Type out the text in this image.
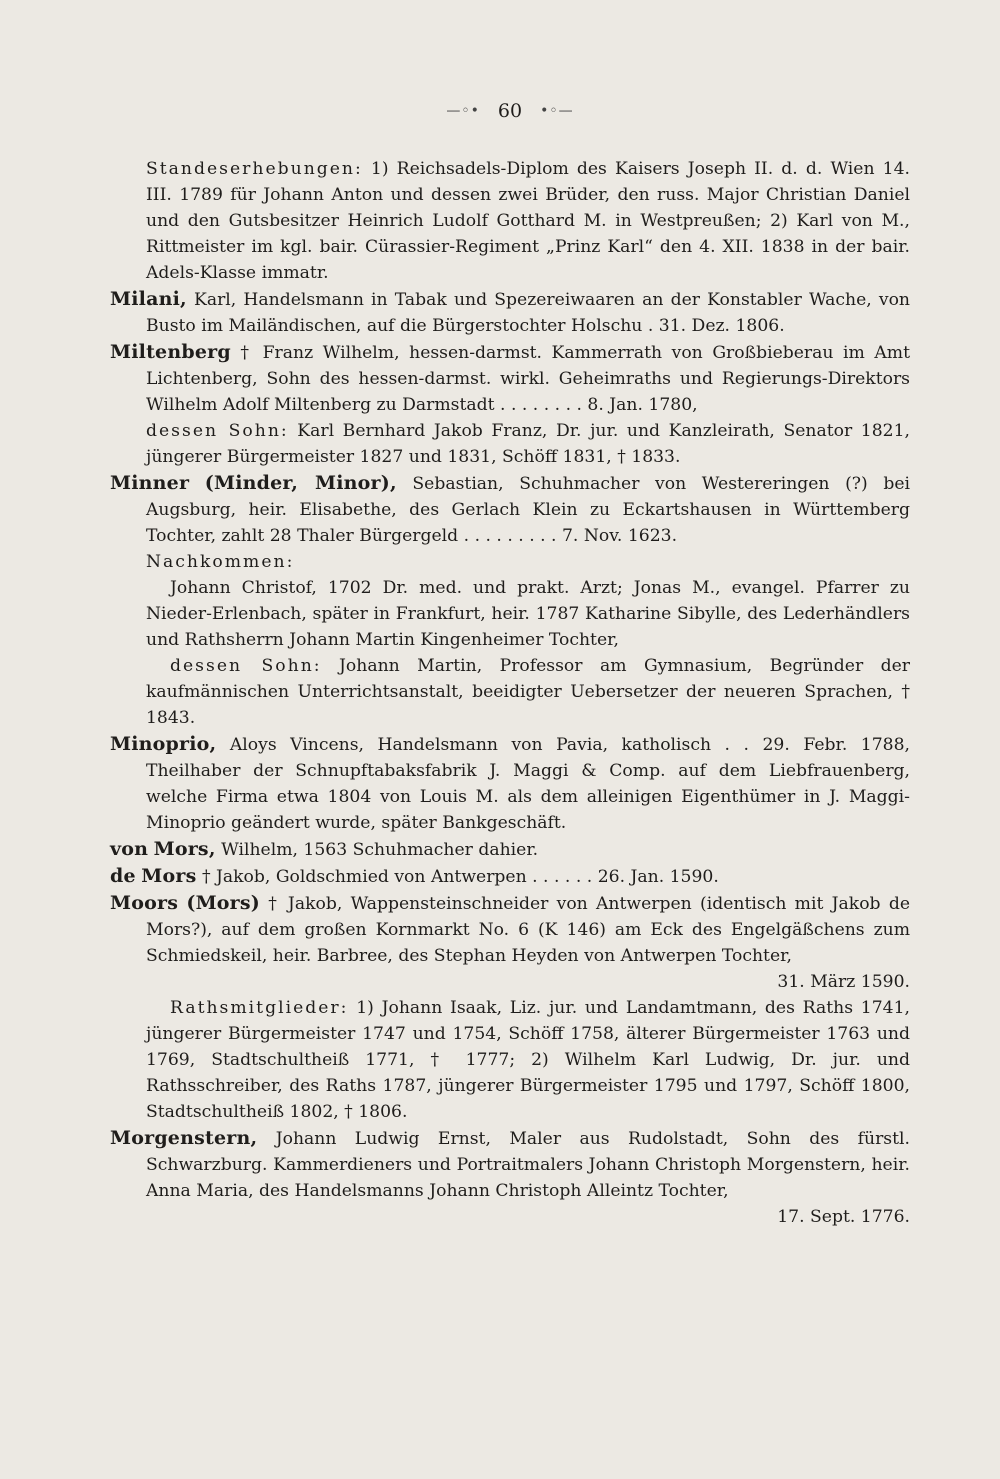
—◦• 60 •◦—

Standeserhebungen: 1) Reichsadels-Diplom des Kaisers Joseph II. d. d. Wien 14. III. 1789 für Johann Anton und dessen zwei Brüder, den russ. Major Christian Daniel und den Gutsbesitzer Heinrich Ludolf Gotthard M. in Westpreußen; 2) Karl von M., Rittmeister im kgl. bair. Cürassier-Regiment „Prinz Karl“ den 4. XII. 1838 in der bair. Adels-Klasse immatr.

Milani, Karl, Handelsmann in Tabak und Spezereiwaaren an der Konstabler Wache, von Busto im Mailändischen, auf die Bürgerstochter Holschu . 31. Dez. 1806.

Miltenberg † Franz Wilhelm, hessen-darmst. Kammerrath von Großbieberau im Amt Lichtenberg, Sohn des hessen-darmst. wirkl. Geheimraths und Regierungs-Direktors Wilhelm Adolf Miltenberg zu Darmstadt . . . . . . . . 8. Jan. 1780,

dessen Sohn: Karl Bernhard Jakob Franz, Dr. jur. und Kanzleirath, Senator 1821, jüngerer Bürgermeister 1827 und 1831, Schöff 1831, † 1833.

Minner (Minder, Minor), Sebastian, Schuhmacher von Westereringen (?) bei Augsburg, heir. Elisabethe, des Gerlach Klein zu Eckartshausen in Württemberg Tochter, zahlt 28 Thaler Bürgergeld . . . . . . . . . 7. Nov. 1623.

Nachkommen:

Johann Christof, 1702 Dr. med. und prakt. Arzt; Jonas M., evangel. Pfarrer zu Nieder-Erlenbach, später in Frankfurt, heir. 1787 Katharine Sibylle, des Lederhändlers und Rathsherrn Johann Martin Kingenheimer Tochter,

dessen Sohn: Johann Martin, Professor am Gymnasium, Begründer der kaufmännischen Unterrichtsanstalt, beeidigter Uebersetzer der neueren Sprachen, † 1843.

Minoprio, Aloys Vincens, Handelsmann von Pavia, katholisch . . 29. Febr. 1788, Theilhaber der Schnupftabaksfabrik J. Maggi & Comp. auf dem Liebfrauenberg, welche Firma etwa 1804 von Louis M. als dem alleinigen Eigenthümer in J. Maggi-Minoprio geändert wurde, später Bankgeschäft.

von Mors, Wilhelm, 1563 Schuhmacher dahier.

de Mors † Jakob, Goldschmied von Antwerpen . . . . . . 26. Jan. 1590.

Moors (Mors) † Jakob, Wappensteinschneider von Antwerpen (identisch mit Jakob de Mors?), auf dem großen Kornmarkt No. 6 (K 146) am Eck des Engelgäßchens zum Schmiedskeil, heir. Barbree, des Stephan Heyden von Antwerpen Tochter,

31. März 1590.

Rathsmitglieder: 1) Johann Isaak, Liz. jur. und Landamtmann, des Raths 1741, jüngerer Bürgermeister 1747 und 1754, Schöff 1758, älterer Bürgermeister 1763 und 1769, Stadtschultheiß 1771, † 1777; 2) Wilhelm Karl Ludwig, Dr. jur. und Rathsschreiber, des Raths 1787, jüngerer Bürgermeister 1795 und 1797, Schöff 1800, Stadtschultheiß 1802, † 1806.

Morgenstern, Johann Ludwig Ernst, Maler aus Rudolstadt, Sohn des fürstl. Schwarzburg. Kammerdieners und Portraitmalers Johann Christoph Morgenstern, heir. Anna Maria, des Handelsmanns Johann Christoph Alleintz Tochter,

17. Sept. 1776.
